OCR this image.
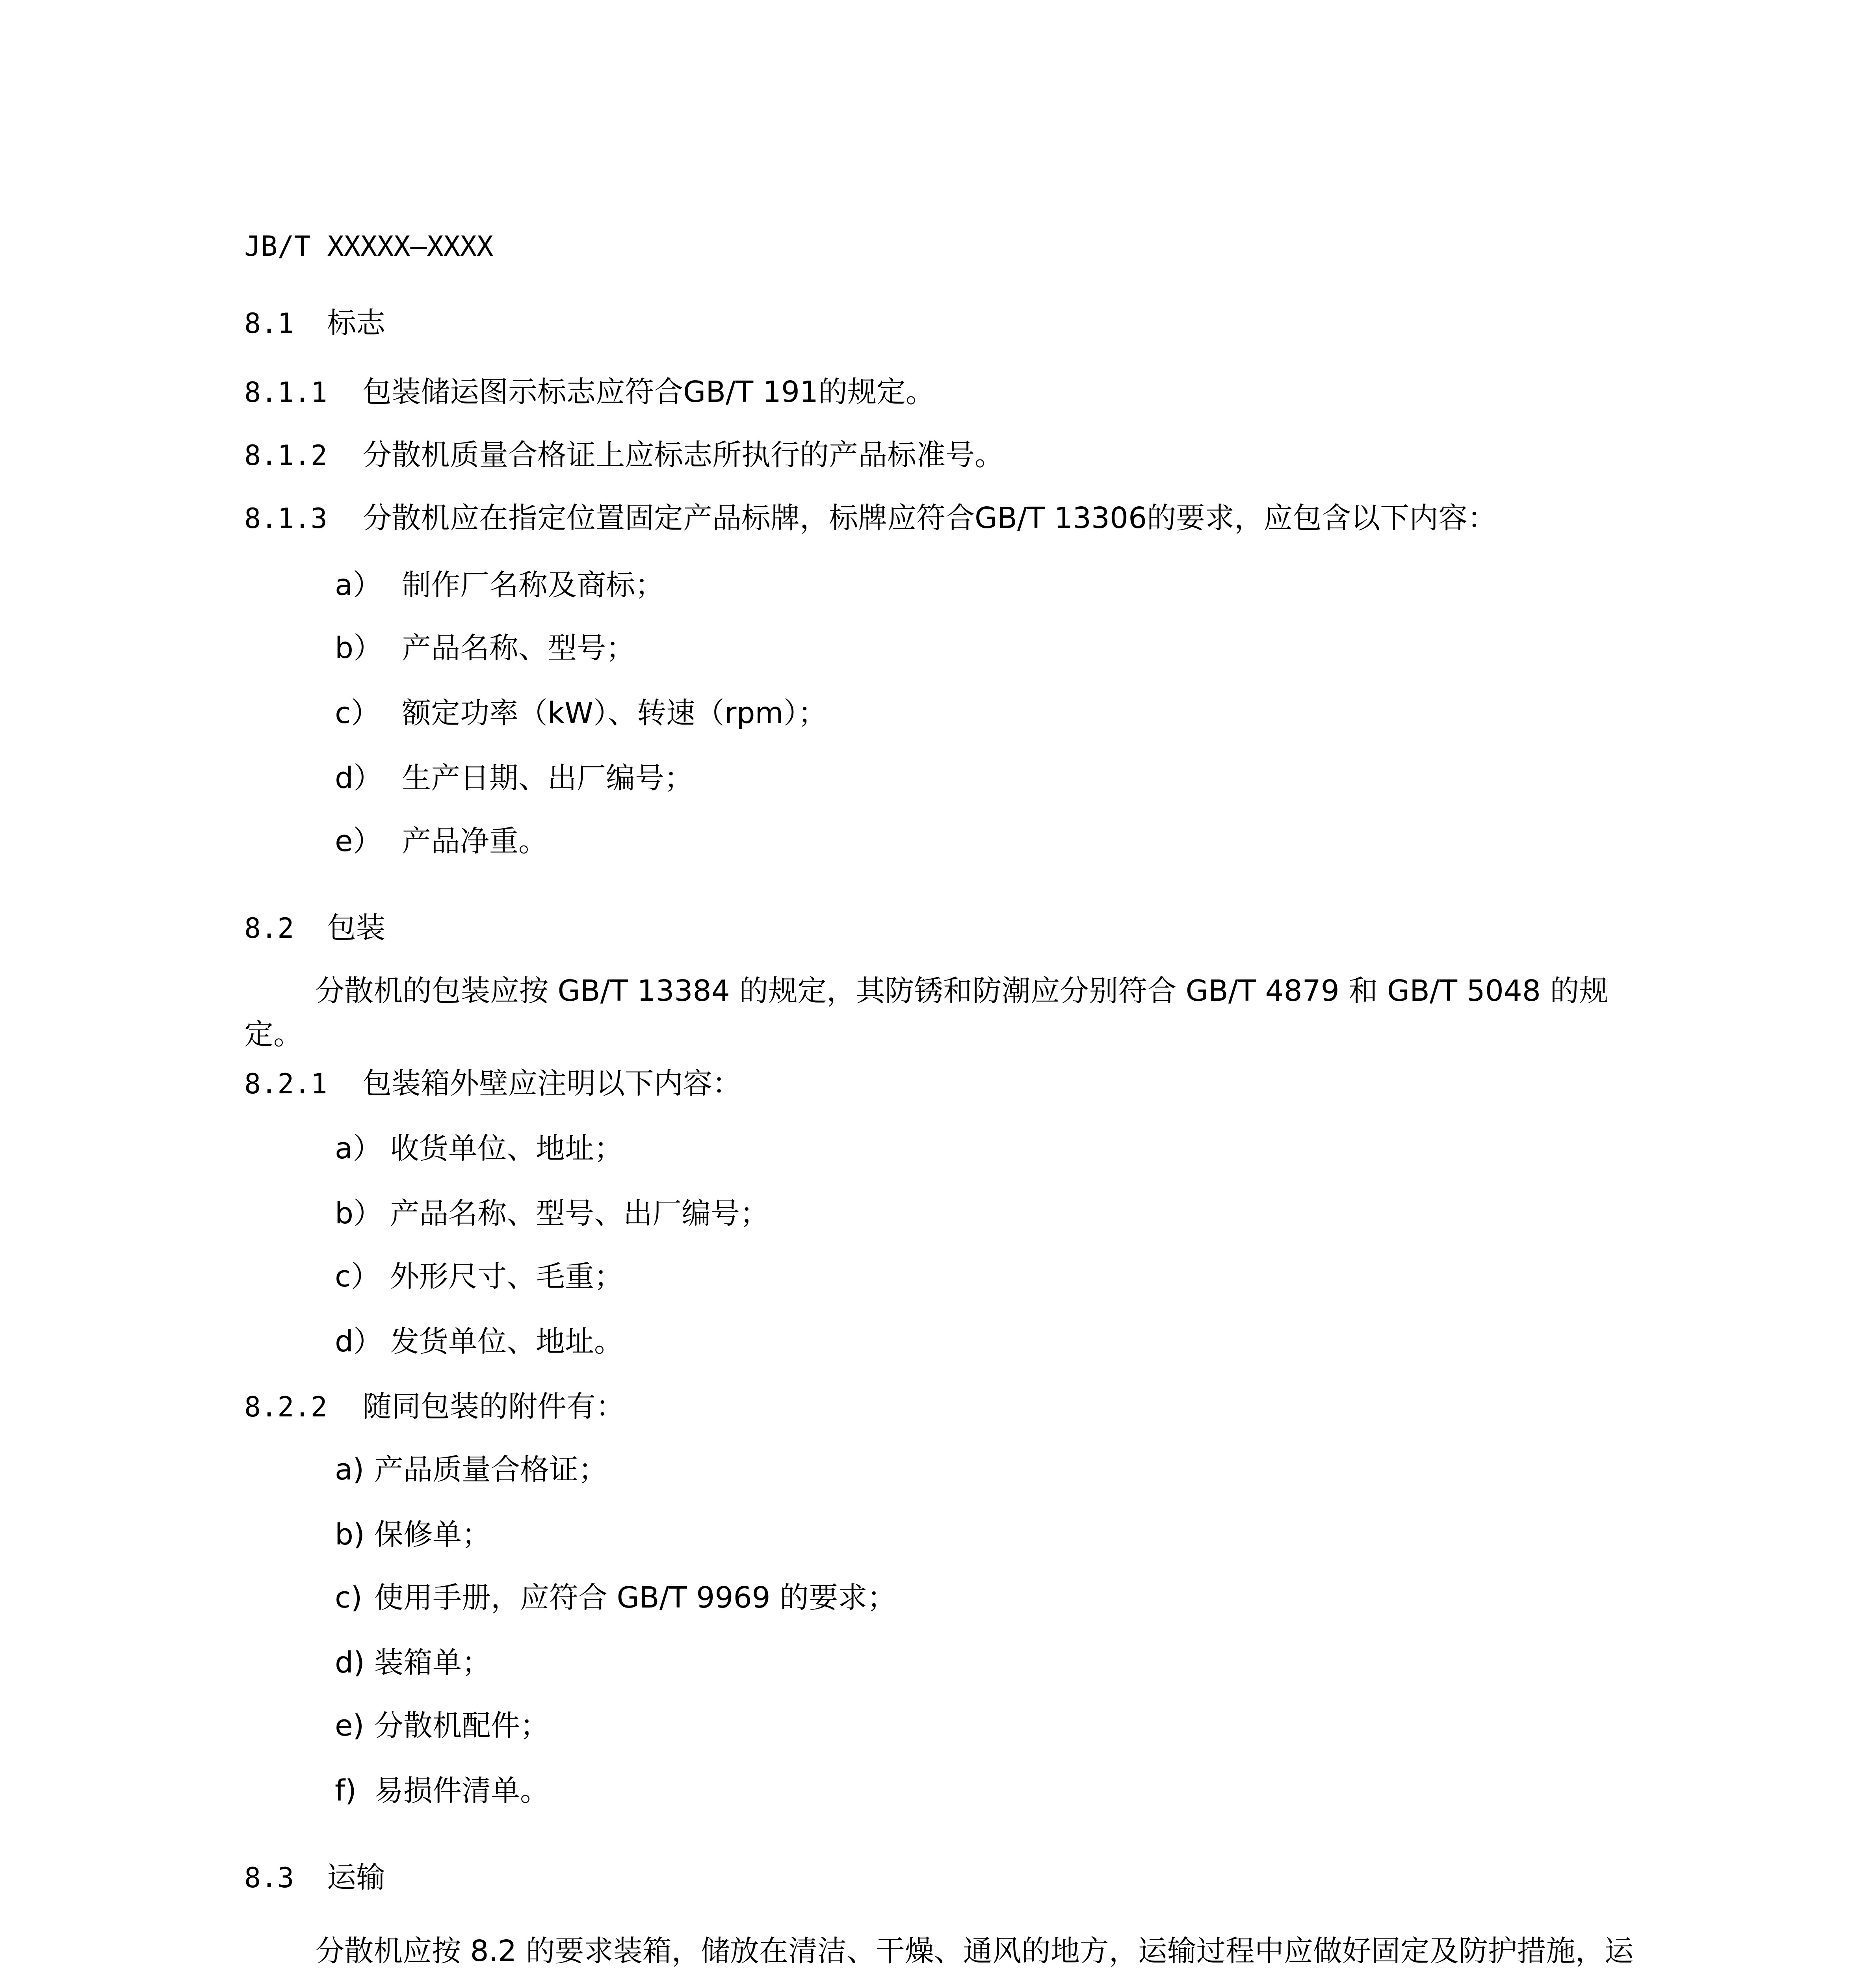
JB/T XXXXX—XXXX
8.1 标志
8.1.1 包装储运图示标志应符合GB/T 191的规定。
8.1.2 分散机质量合格证上应标志所执行的产品标准号。
8.1.3 分散机应在指定位置固定产品标牌，标牌应符合GB/T 13306的要求，应包含以下内容：
a） 制作厂名称及商标；
b） 产品名称、型号；
c） 额定功率（kW）、转速（rpm）；
d） 生产日期、出厂编号；
e） 产品净重。
8.2 包装
分散机的包装应按 GB/T 13384 的规定，其防锈和防潮应分别符合 GB/T 4879 和 GB/T 5048 的规定。
8.2.1 包装箱外壁应注明以下内容：
a） 收货单位、地址；
b） 产品名称、型号、出厂编号；
c） 外形尺寸、毛重；
d） 发货单位、地址。
8.2.2 随同包装的附件有：
a) 产品质量合格证；
b) 保修单；
c) 使用手册，应符合 GB/T 9969 的要求；
d) 装箱单；
e) 分散机配件；
f) 易损件清单。
8.3 运输
分散机应按 8.2 的要求装箱，储放在清洁、干燥、通风的地方，运输过程中应做好固定及防护措施，运
